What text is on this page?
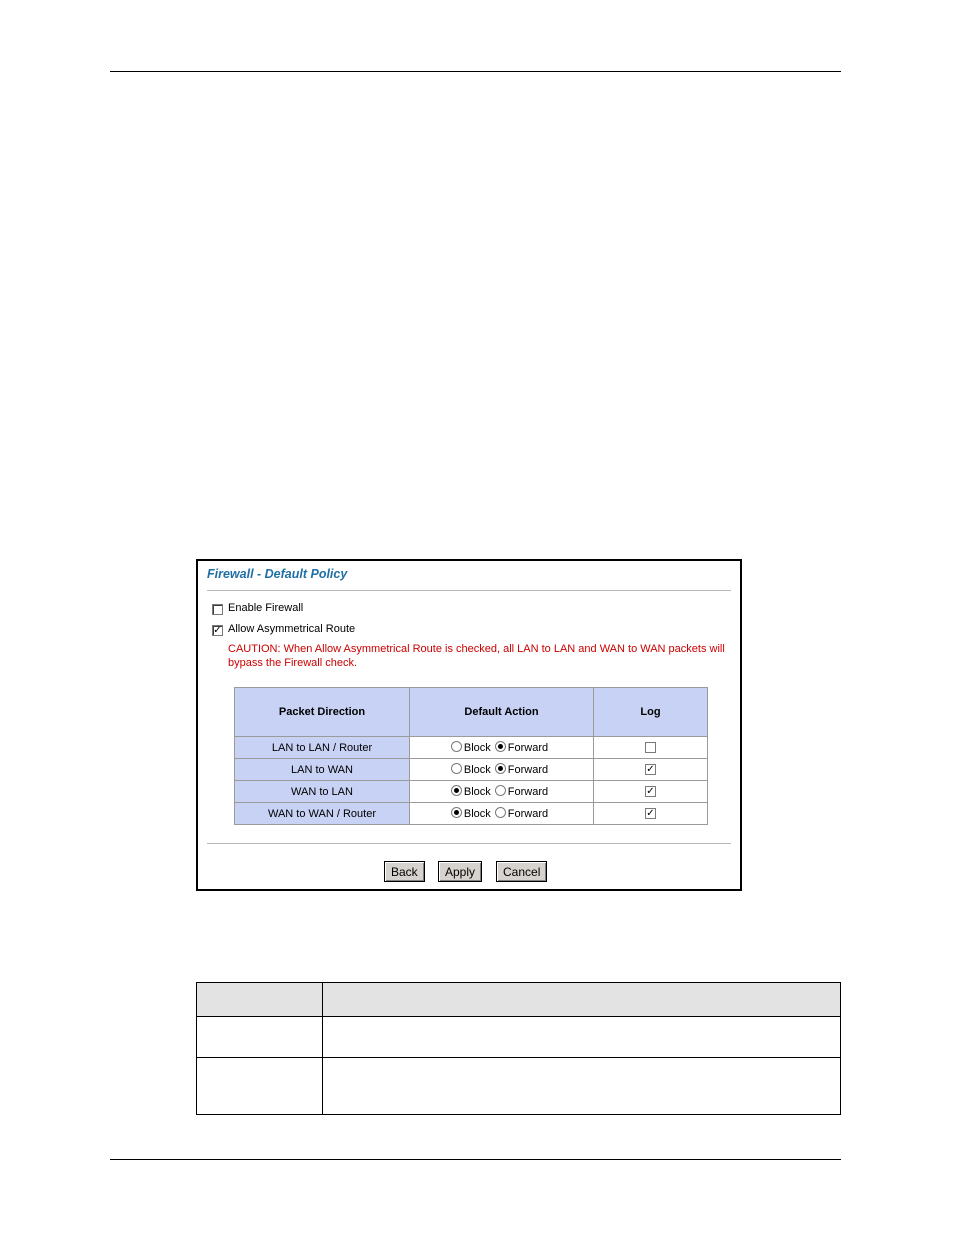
Firewall - Default Policy
Enable Firewall
✓ Allow Asymmetrical Route
CAUTION: When Allow Asymmetrical Route is checked, all LAN to LAN and WAN to WAN packets will bypass the Firewall check.
Packet Direction	Default Action	Log
LAN to LAN / Router	Block Forward	
LAN to WAN	Block Forward	✓
WAN to LAN	Block Forward	✓
WAN to WAN / Router	Block Forward	✓
Back	Apply	Cancel
